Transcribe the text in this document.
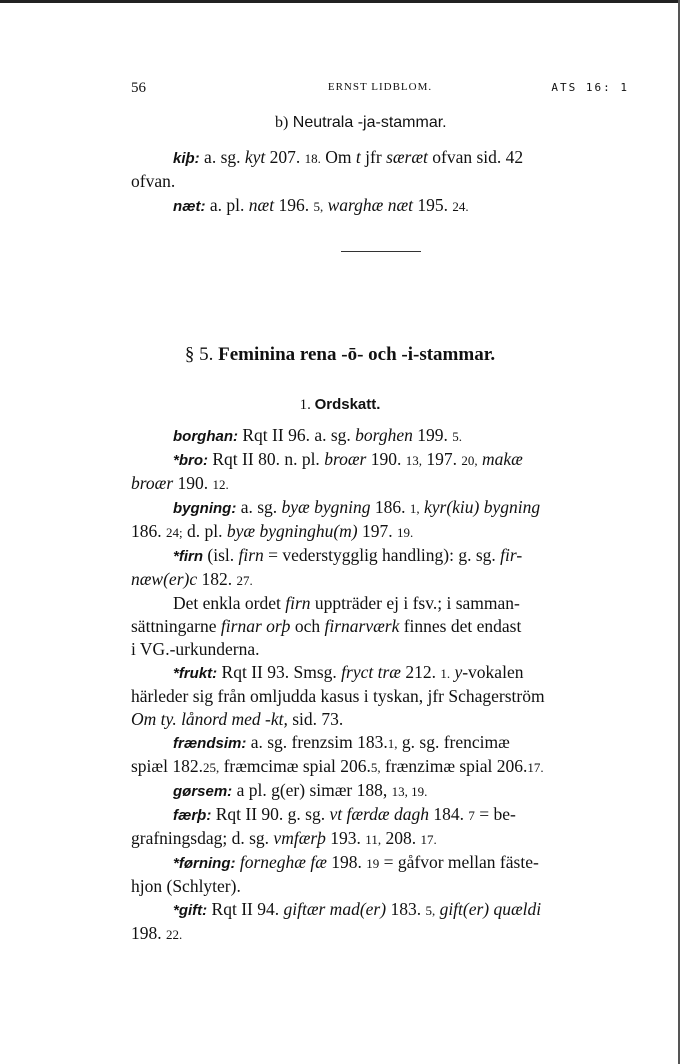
56	ERNST LIDBLOM.	ATS 16: 1
b) Neutrala -ja-stammar.
kiþ: a. sg. kyt 207. 18. Om t jfr særæt ofvan sid. 42
ofvan.
næt: a. pl. næt 196. 5, warghæ næt 195. 24.
§ 5. Feminina rena -ō- och -i-stammar.
1. Ordskatt.
borghan: Rqt II 96. a. sg. borghen 199. 5.
*bro: Rqt II 80. n. pl. broær 190. 13, 197. 20, makæ
broær 190. 12.
bygning: a. sg. byæ bygning 186. 1, kyr(kiu) bygning
186. 24; d. pl. byæ bygninghu(m) 197. 19.
*firn (isl. firn = vederstygglig handling): g. sg. fir-
næw(er)c 182. 27.
Det enkla ordet firn uppträder ej i fsv.; i samman-
sättningarne firnar orþ och firnarværk finnes det endast
i VG.-urkunderna.
*frukt: Rqt II 93. Smsg. fryct træ 212. 1. y-vokalen
härleder sig från omljudda kasus i tyskan, jfr Schagerström
Om ty. lånord med -kt, sid. 73.
frændsim: a. sg. frenzsim 183.1, g. sg. frencimæ
spiæl 182.25, fræmcimæ spial 206.5, frænzimæ spial 206.17.
gørsem: a pl. g(er) simær 188, 13, 19.
færþ: Rqt II 90. g. sg. vt færdæ dagh 184. 7 = be-
grafningsdag; d. sg. vmfærþ 193. 11, 208. 17.
*førning: forneghæ fæ 198. 19 = gåfvor mellan fäste-
hjon (Schlyter).
*gift: Rqt II 94. giftær mad(er) 183. 5, gift(er) quældi
198. 22.
